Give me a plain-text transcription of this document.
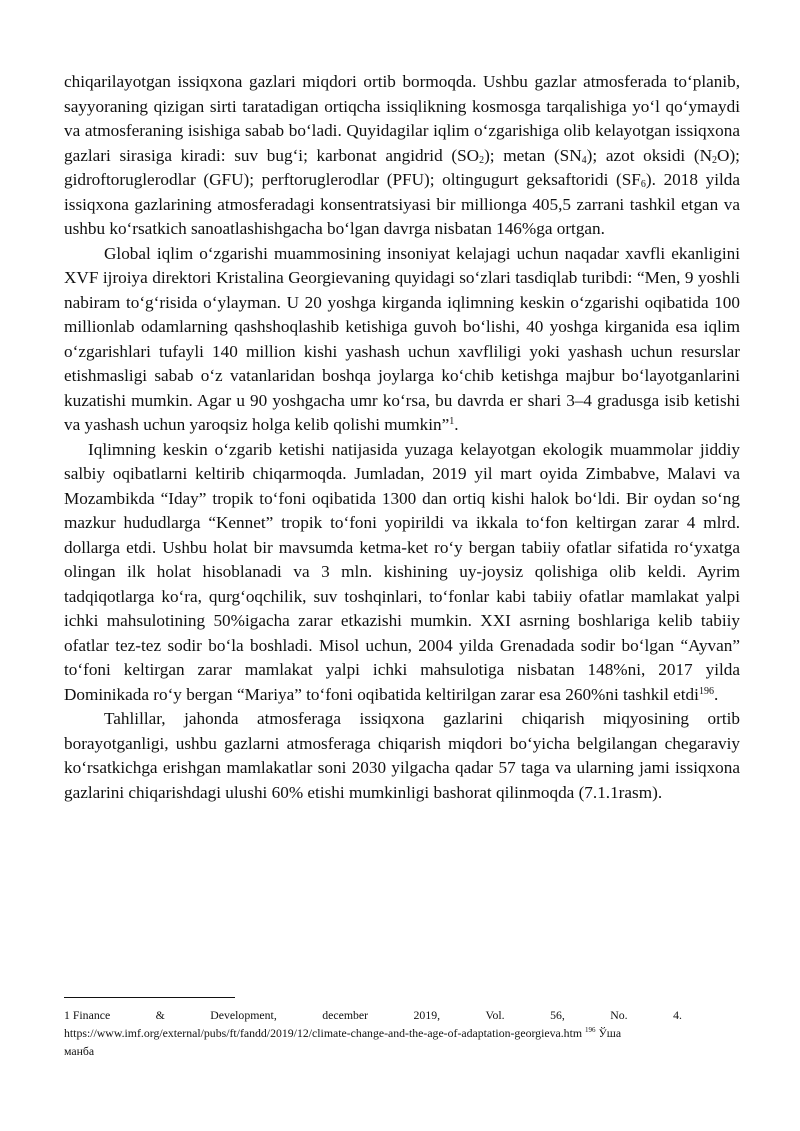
chiqarilayotgan issiqxona gazlari miqdori ortib bormoqda. Ushbu gazlar atmosferada to‘planib, sayyoraning qizigan sirti taratadigan ortiqcha issiqlikning kosmosga tarqalishiga yo‘l qo‘ymaydi va atmosferaning isishiga sabab bo‘ladi. Quyidagilar iqlim o‘zgarishiga olib kelayotgan issiqxona gazlari sirasiga kiradi: suv bug‘i; karbonat angidrid $(SO_2)$; metan $(SN_4)$; azot oksidi $(N_2O)$; gidroftoruglerodlar (GFU); perftoruglerodlar (PFU); oltingugurt geksaftoridi $(SF_6)$. 2018 yilda issiqxona gazlarining atmosferadagi konsentratsiyasi bir millionga 405,5 zarrani tashkil etgan va ushbu ko‘rsatkich sanoatlashishgacha bo‘lgan davrga nisbatan 146%ga ortgan.

Global iqlim o‘zgarishi muammosining insoniyat kelajagi uchun naqadar xavfli ekanligini XVF ijroiya direktori Kristalina Georgievaning quyidagi so‘zlari tasdiqlab turibdi: “Men, 9 yoshli nabiram to‘g‘risida o‘ylayman. U 20 yoshga kirganda iqlimning keskin o‘zgarishi oqibatida 100 millionlab odamlarning qashshoqlashib ketishiga guvoh bo‘lishi, 40 yoshga kirganida esa iqlim o‘zgarishlari tufayli 140 million kishi yashash uchun xavfliligi yoki yashash uchun resurslar etishmasligi sabab o‘z vatanlaridan boshqa joylarga ko‘chib ketishga majbur bo‘layotganlarini kuzatishi mumkin. Agar u 90 yoshgacha umr ko‘rsa, bu davrda er shari 3–4 gradusga isib ketishi va yashash uchun yaroqsiz holga kelib qolishi mumkin”$^1$.

Iqlimning keskin o‘zgarib ketishi natijasida yuzaga kelayotgan ekologik muammolar jiddiy salbiy oqibatlarni keltirib chiqarmoqda. Jumladan, 2019 yil mart oyida Zimbabve, Malavi va Mozambikda “Iday” tropik to‘foni oqibatida 1300 dan ortiq kishi halok bo‘ldi. Bir oydan so‘ng mazkur hududlarga “Kennet” tropik to‘foni yopirildi va ikkala to‘fon keltirgan zarar 4 mlrd. dollarga etdi. Ushbu holat bir mavsumda ketma-ket ro‘y bergan tabiiy ofatlar sifatida ro‘yxatga olingan ilk holat hisoblanadi va 3 mln. kishining uy-joysiz qolishiga olib keldi. Ayrim tadqiqotlarga ko‘ra, qurg‘oqchilik, suv toshqinlari, to‘fonlar kabi tabiiy ofatlar mamlakat yalpi ichki mahsulotining 50%igacha zarar etkazishi mumkin. XXI asrning boshlariga kelib tabiiy ofatlar tez-tez sodir bo‘la boshladi. Misol uchun, 2004 yilda Grenadada sodir bo‘lgan “Ayvan” to‘foni keltirgan zarar mamlakat yalpi ichki mahsulotiga nisbatan 148%ni, 2017 yilda Dominikada ro‘y bergan “Mariya” to‘foni oqibatida keltirilgan zarar esa 260%ni tashkil etdi$^{196}$.

Tahlillar, jahonda atmosferaga issiqxona gazlarini chiqarish miqyosining ortib borayotganligi, ushbu gazlarni atmosferaga chiqarish miqdori bo‘yicha belgilangan chegaraviy ko‘rsatkichga erishgan mamlakatlar soni 2030 yilgacha qadar 57 taga va ularning jami issiqxona gazlarini chiqarishdagi ulushi 60% etishi mumkinligi bashorat qilinmoqda (7.1.1rasm).

1 Finance	&	Development,	december	2019,	Vol.	56,	No.	4.
https://www.imf.org/external/pubs/ft/fandd/2019/12/climate-change-and-the-age-of-adaptation-georgieva.htm $^{196}$ Ўша
манба
